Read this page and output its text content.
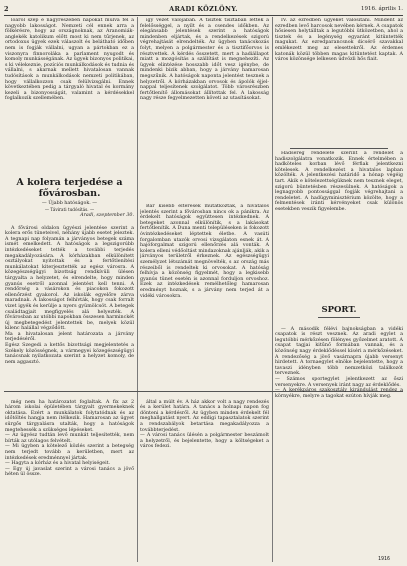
2	ARADI KÖZLÖNY.	1916. április 1.

lóáról szép e nagyrészében napokat múlva fel a nagyobb lakosságot. Nemzeti cél ennek arra a fölkérésre, hogy az országnoknak, az Aranomiák-anglekék katolikum előtt most ki nem tűrjenek, az ortodoxus ügyek ezek válaszolt és belátható időben nem is fogják vállalni, ugyan a pártokban ez a viszonyra finnoroláka a parlament nyugodt és komoly munkásségának. Az ügyek bizonyos politikai, s ki vélekeznie, pozíciós munkálkodások és tudnia és vállalni, s akarnak mellett hivatalosan vannak tudósítások a munkálkodások nemzeti politikában, hogy vállalkozzon csak felülvizsgálni. Ennek következtében pedig a tárgyaló hivatal és kormány kezeli a bizonyosságát, valamint a kérdésekkel foglalkozik szellemében.

A kolera terjedése a fővárosban.
— Újabb hatóságok. —
— Távirati tudósítás. —
Aradi, szeptember 30.

A fővárosi oldalon ügyészi jelentése szerint a kolera erős tüneteivel, néhány újabb esetet jeleztek. A tegnapi nap folyamán a járványos betegek száma ismét emelkedett. A hatóságok a legszigorúbb intézkedéseket tették a további terjedés megakadályozására. A kórházakban elkülönített osztályokat nyitottak és a fertőtlenítési munkálatokat kiterjesztették az egész városra. A közegészségügyi bizottság rendkívüli ülésen tárgyalta a helyzetet, és elrendelte, hogy minden gyanús esetről azonnal jelentést kell tenni. A rendőrség a vásárokon és piacokon fokozott ellenőrzést gyakorol. Az iskolák egyelőre zárva maradnak. A lakosságot felhívták, hogy csak forralt vizet igyék és kerülje a nyers gyümölcsöt. A betegek családtagjait megfigyelés alá helyezték. A fővárosban az utóbbi napokban összesen harminckét új megbetegedést jelentettek be, melyek közül kilenc halállal végződött.
Ma a hivatalosan jelent határozata a járvány terjedéséről.
Egész Szegedi a kettős bizottsági megjelentetés a Székely közösségnek, a vármegyei közegészségügyi tanácsnak nyilatkozata szerint a helyzet komoly, de nem aggasztó.

még nem ha határozatot foglaltak. A fix az 2 három iskolai épületében tárgyalt gyermekeknek oktatása. Ezért a munkálatok folytatódnak és az időtöltés hangja nem ítélkezik. Hamarosan az ügyet sürgős tárgyalásra utalták, hogy a hatóságok megtehessék a szükséges lépéseket.
— Az ügyész tudtán levő munkát teljesítették, nem bírták az utólagos felvételt.
— Mi ügyben a kötelező közlés szerint a betegség nem terjedt tovább a kerületben, mert az intézkedések eredménnyel jártak.
— Hagyta a kórház és a hivatal helyiségeit.
— Egy új javaslat szerint a városi tanács a jövő héten ül össze.

így vezet valójában. A tisztek tisztában lettek a felelősséggel, a nyílt és a csendes időkben. Az elegánsabb jelentések szerint a hatóságok mindenben eljártak, és a rendelkezések szigorú végrehajtását elrendelték. Az ügyben tanácskozás folyt, melyen a polgármester és a tisztifőorvos is résztvettek. A kérdés összetett, mert a hadiállapot miatt a mozgósítás a szállítást is megnehezíti. Az ügyek elintézése hosszabb időt vesz igénybe, de mindenki bízik abban, hogy a járvány hamarosan megszűnik. A hatóságok naponta jelentést tesznek a helyzetről. A kórházakban orvosok és ápolók éjjel-nappal teljesítenek szolgálatot. Több városrészben fertőtlenítő állomásokat állítottak fel. A lakosság nagy része fegyelmezetten követi az utasításokat.

Bár kisebb eltérések mutatkoztak, a hivatalos jelentés szerint a fővárosban nincs ok a pánikra. Az érdekelt hatóságok együttesen intézkednek. A betegeket azonnal elkülönítik, s a lakásokat fertőtlenítik. A Duna menti településeken is fokozott óvintézkedéseket léptettek életbe. A vasúti forgalomban utazók orvosi vizsgálaton esnek át. A hajóforgalmat szigorú ellenőrzés alá vonták. A kolera elleni védőoltást mindazoknak ajánlják, akik a járványos területről érkeznek. Az egészségügyi személyzet létszámát megnövelték, s az ország más részeiből is rendeltek ki orvosokat. A hatóság felhívja a közönség figyelmét, hogy a legkisebb gyanús tünet esetén is azonnal forduljon orvoshoz. Ezek az intézkedések remélhetőleg hamarosan eredményt hoznak, s a járvány nem terjed át a vidéki városokra.

által a múlt év. A ház akkor volt a nagy rendezés és a kerület határa. A tanács a holnapi napon fog dönteni a kérdésről. Az ügyben minden érdekelt fél meghallgatást nyert. Az eddigi tapasztalatok szerint a rendszabályok betartása megakadályozza a továbbterjedést.
— A városi tanács ülésén a polgármester beszámolt a helyzetről, és bejelentette, hogy a költségeket a város fedezi.

IV. az ezredben ügyeket valósítani. Mindent az ezredben levő harcosok nevében kérnek. A csapatok hősiesen helytálltak a legutóbbi ütközetben, ahol a tisztek és a legénység egyaránt kitüntették magukat. Az ezredparancsnok dicsérő szavakkal emlékezett meg az elesettekről. Az érdemes katonák közül többen magas kitüntetést kaptak. A város közönsége lelkesen üdvözli hős fiait.

Hadsereg rendelete szerint a rendelet a hadiszolgálatra vonatkozik. Ennek értelmében a hadköteles korban lévő férfiak jelentkezni kötelesek. A rendelkezést a hivatalos lapban közölték. A jelentkezési határidő a hónap végéig tart. Akik e kötelezettségüknek nem tesznek eleget, szigorú büntetésben részesülnek. A hatóságok a legnagyobb pontossággal fogják végrehajtani a rendeletet. A hadügyminisztérium közölte, hogy a felmentések iránti kérvényeket csak különös esetekben veszik figyelembe.

SPORT.

— A második félévi bajnokságban a vidéki csapatok is részt vesznek. Az aradi egylet a legutóbbi mérkőzésen fölényes győzelmet aratott. A csapat tagjai kitűnő formában vannak, és a közönség nagy érdeklődéssel kíséri a mérkőzéseket. A rendezőség a jövő vasárnapra újabb versenyt hirdetett. A tornaegylet elnöke bejelentette, hogy a tavaszi idényben több nemzetközi találkozót terveznek.
— Számos sportegylet jelentkezett az őszi versenyekre. A versenyek iránt nagy az érdeklődés.
— A kerékpáros szakosztály kirándulást rendez a környékre, melyre a tagokat ezúton hívják meg.

1916
